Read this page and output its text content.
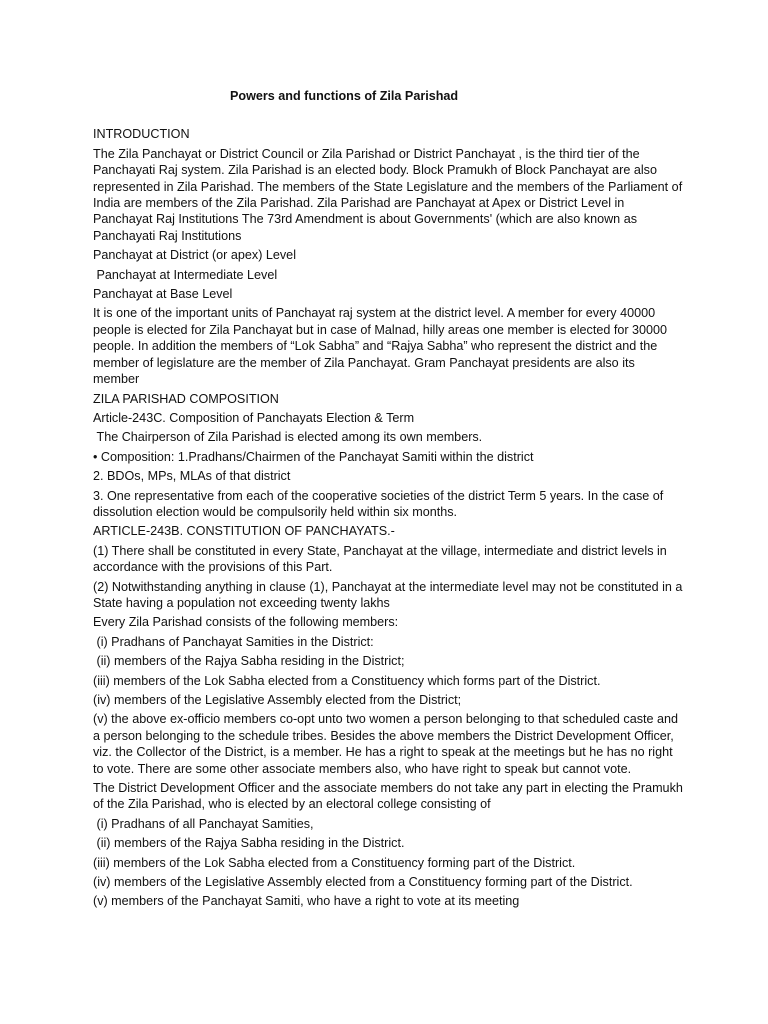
Powers and functions of Zila Parishad
INTRODUCTION
The Zila Panchayat or District Council or Zila Parishad or District Panchayat , is the third tier of the Panchayati Raj system. Zila Parishad is an elected body. Block Pramukh of Block Panchayat are also represented in Zila Parishad. The members of the State Legislature and the members of the Parliament of India are members of the Zila Parishad. Zila Parishad are Panchayat at Apex or District Level in Panchayat Raj Institutions The 73rd Amendment is about Governments' (which are also known as Panchayati Raj Institutions
Panchayat at District (or apex) Level
Panchayat at Intermediate Level
Panchayat at Base Level
It is one of the important units of Panchayat raj system at the district level. A member for every 40000 people is elected for Zila Panchayat but in case of Malnad, hilly areas one member is elected for 30000 people. In addition the members of “Lok Sabha” and “Rajya Sabha” who represent the district and the member of legislature are the member of Zila Panchayat. Gram Panchayat presidents are also its member
ZILA PARISHAD COMPOSITION
Article-243C. Composition of Panchayats Election & Term
The Chairperson of Zila Parishad is elected among its own members.
• Composition: 1.Pradhans/Chairmen of the Panchayat Samiti within the district
2. BDOs, MPs, MLAs of that district
3. One representative from each of the cooperative societies of the district Term 5 years. In the case of dissolution election would be compulsorily held within six months.
ARTICLE-243B. CONSTITUTION OF PANCHAYATS.-
(1) There shall be constituted in every State, Panchayat at the village, intermediate and district levels in accordance with the provisions of this Part.
(2) Notwithstanding anything in clause (1), Panchayat at the intermediate level may not be constituted in a State having a population not exceeding twenty lakhs
Every Zila Parishad consists of the following members:
(i) Pradhans of Panchayat Samities in the District:
(ii) members of the Rajya Sabha residing in the District;
(iii) members of the Lok Sabha elected from a Constituency which forms part of the District.
(iv) members of the Legislative Assembly elected from the District;
(v) the above ex-officio members co-opt unto two women a person belonging to that scheduled caste and a person belonging to the schedule tribes. Besides the above members the District Development Officer, viz. the Collector of the District, is a member. He has a right to speak at the meetings but he has no right to vote. There are some other associate members also, who have right to speak but cannot vote.
The District Development Officer and the associate members do not take any part in electing the Pramukh of the Zila Parishad, who is elected by an electoral college consisting of
(i) Pradhans of all Panchayat Samities,
(ii) members of the Rajya Sabha residing in the District.
(iii) members of the Lok Sabha elected from a Constituency forming part of the District.
(iv) members of the Legislative Assembly elected from a Constituency forming part of the District.
(v) members of the Panchayat Samiti, who have a right to vote at its meeting
